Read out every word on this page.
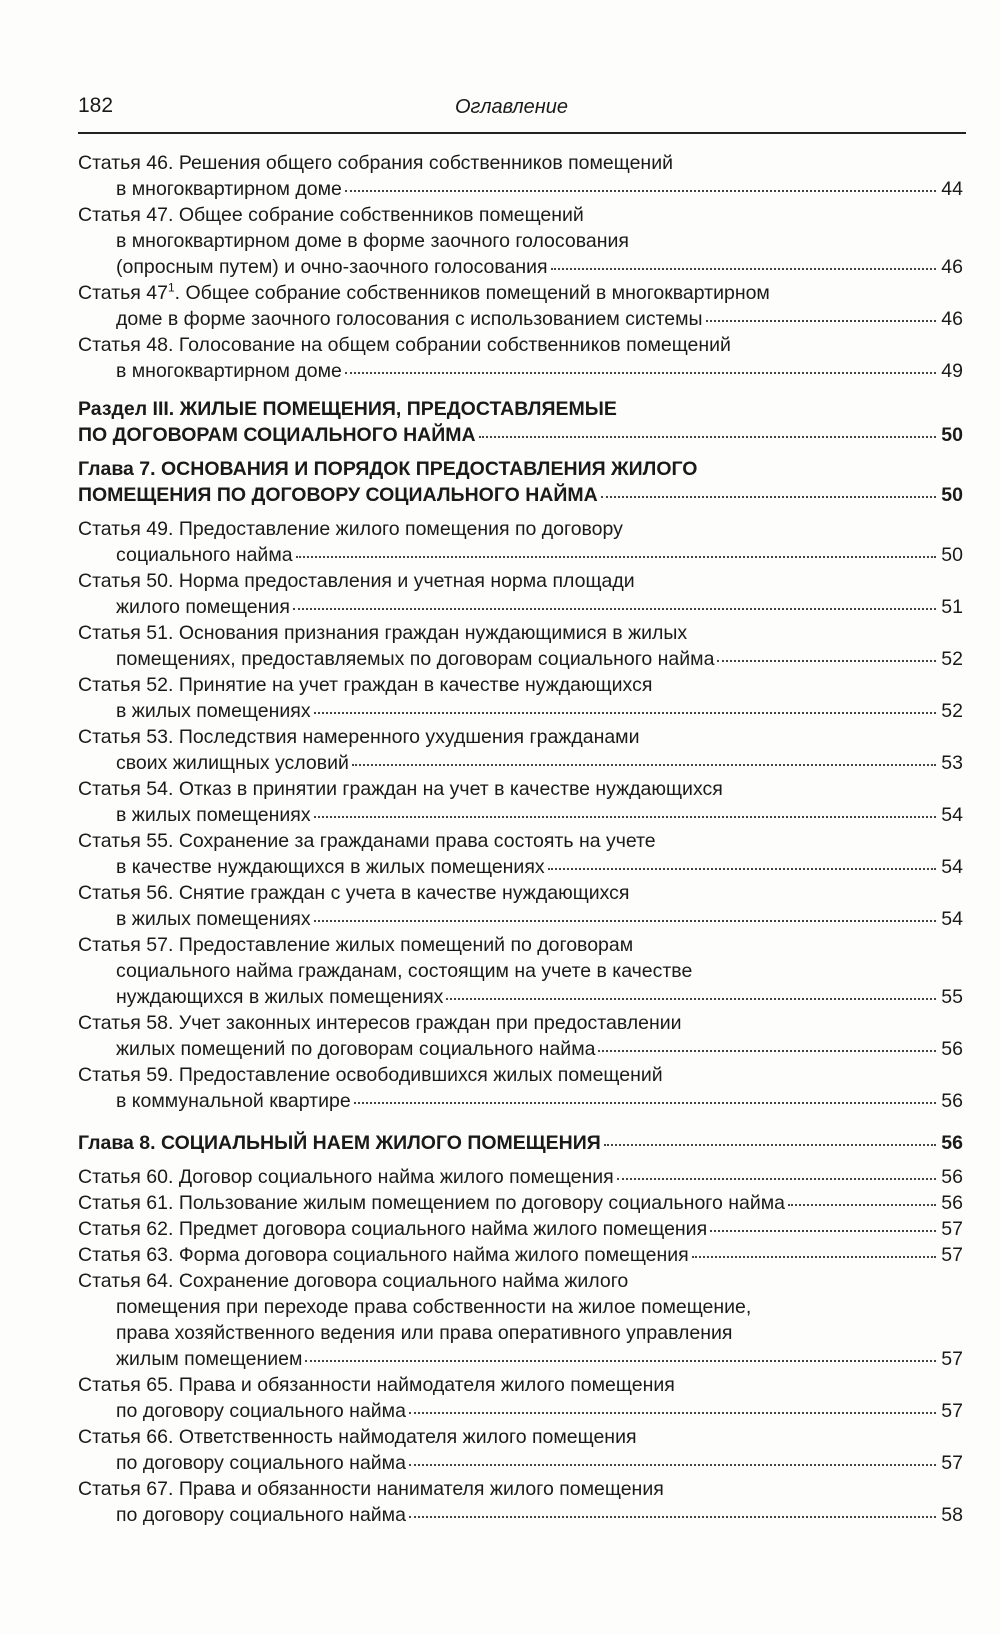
182	Оглавление
Статья 46.
Решения общего собрания собственников помещений
в многоквартирном доме	44
Статья 47.
Общее собрание собственников помещений
в многоквартирном доме в форме заочного голосования
(опросным путем) и очно-заочного голосования	46
Статья $47^1$.
Общее собрание собственников помещений в многоквартирном
доме в форме заочного голосования с использованием системы	46
Статья 48.
Голосование на общем собрании собственников помещений
в многоквартирном доме	49
Раздел III.
ЖИЛЫЕ ПОМЕЩЕНИЯ, ПРЕДОСТАВЛЯЕМЫЕ
ПО ДОГОВОРАМ СОЦИАЛЬНОГО НАЙМА	50
Глава 7.
ОСНОВАНИЯ И ПОРЯДОК ПРЕДОСТАВЛЕНИЯ ЖИЛОГО
ПОМЕЩЕНИЯ ПО ДОГОВОРУ СОЦИАЛЬНОГО НАЙМА	50
Статья 49.
Предоставление жилого помещения по договору
социального найма	50
Статья 50.
Норма предоставления и учетная норма площади
жилого помещения	51
Статья 51.
Основания признания граждан нуждающимися в жилых
помещениях, предоставляемых по договорам социального найма	52
Статья 52.
Принятие на учет граждан в качестве нуждающихся
в жилых помещениях	52
Статья 53.
Последствия намеренного ухудшения гражданами
своих жилищных условий	53
Статья 54.
Отказ в принятии граждан на учет в качестве нуждающихся
в жилых помещениях	54
Статья 55.
Сохранение за гражданами права состоять на учете
в качестве нуждающихся в жилых помещениях	54
Статья 56.
Снятие граждан с учета в качестве нуждающихся
в жилых помещениях	54
Статья 57.
Предоставление жилых помещений по договорам
социального найма гражданам, состоящим на учете в качестве
нуждающихся в жилых помещениях	55
Статья 58.
Учет законных интересов граждан при предоставлении
жилых помещений по договорам социального найма	56
Статья 59.
Предоставление освободившихся жилых помещений
в коммунальной квартире	56
Глава 8.
СОЦИАЛЬНЫЙ НАЕМ ЖИЛОГО ПОМЕЩЕНИЯ	56
Статья 60.
Договор социального найма жилого помещения	56
Статья 61.
Пользование жилым помещением по договору социального найма	56
Статья 62.
Предмет договора социального найма жилого помещения	57
Статья 63.
Форма договора социального найма жилого помещения	57
Статья 64.
Сохранение договора социального найма жилого
помещения при переходе права собственности на жилое помещение,
права хозяйственного ведения или права оперативного управления
жилым помещением	57
Статья 65.
Права и обязанности наймодателя жилого помещения
по договору социального найма	57
Статья 66.
Ответственность наймодателя жилого помещения
по договору социального найма	57
Статья 67.
Права и обязанности нанимателя жилого помещения
по договору социального найма	58
